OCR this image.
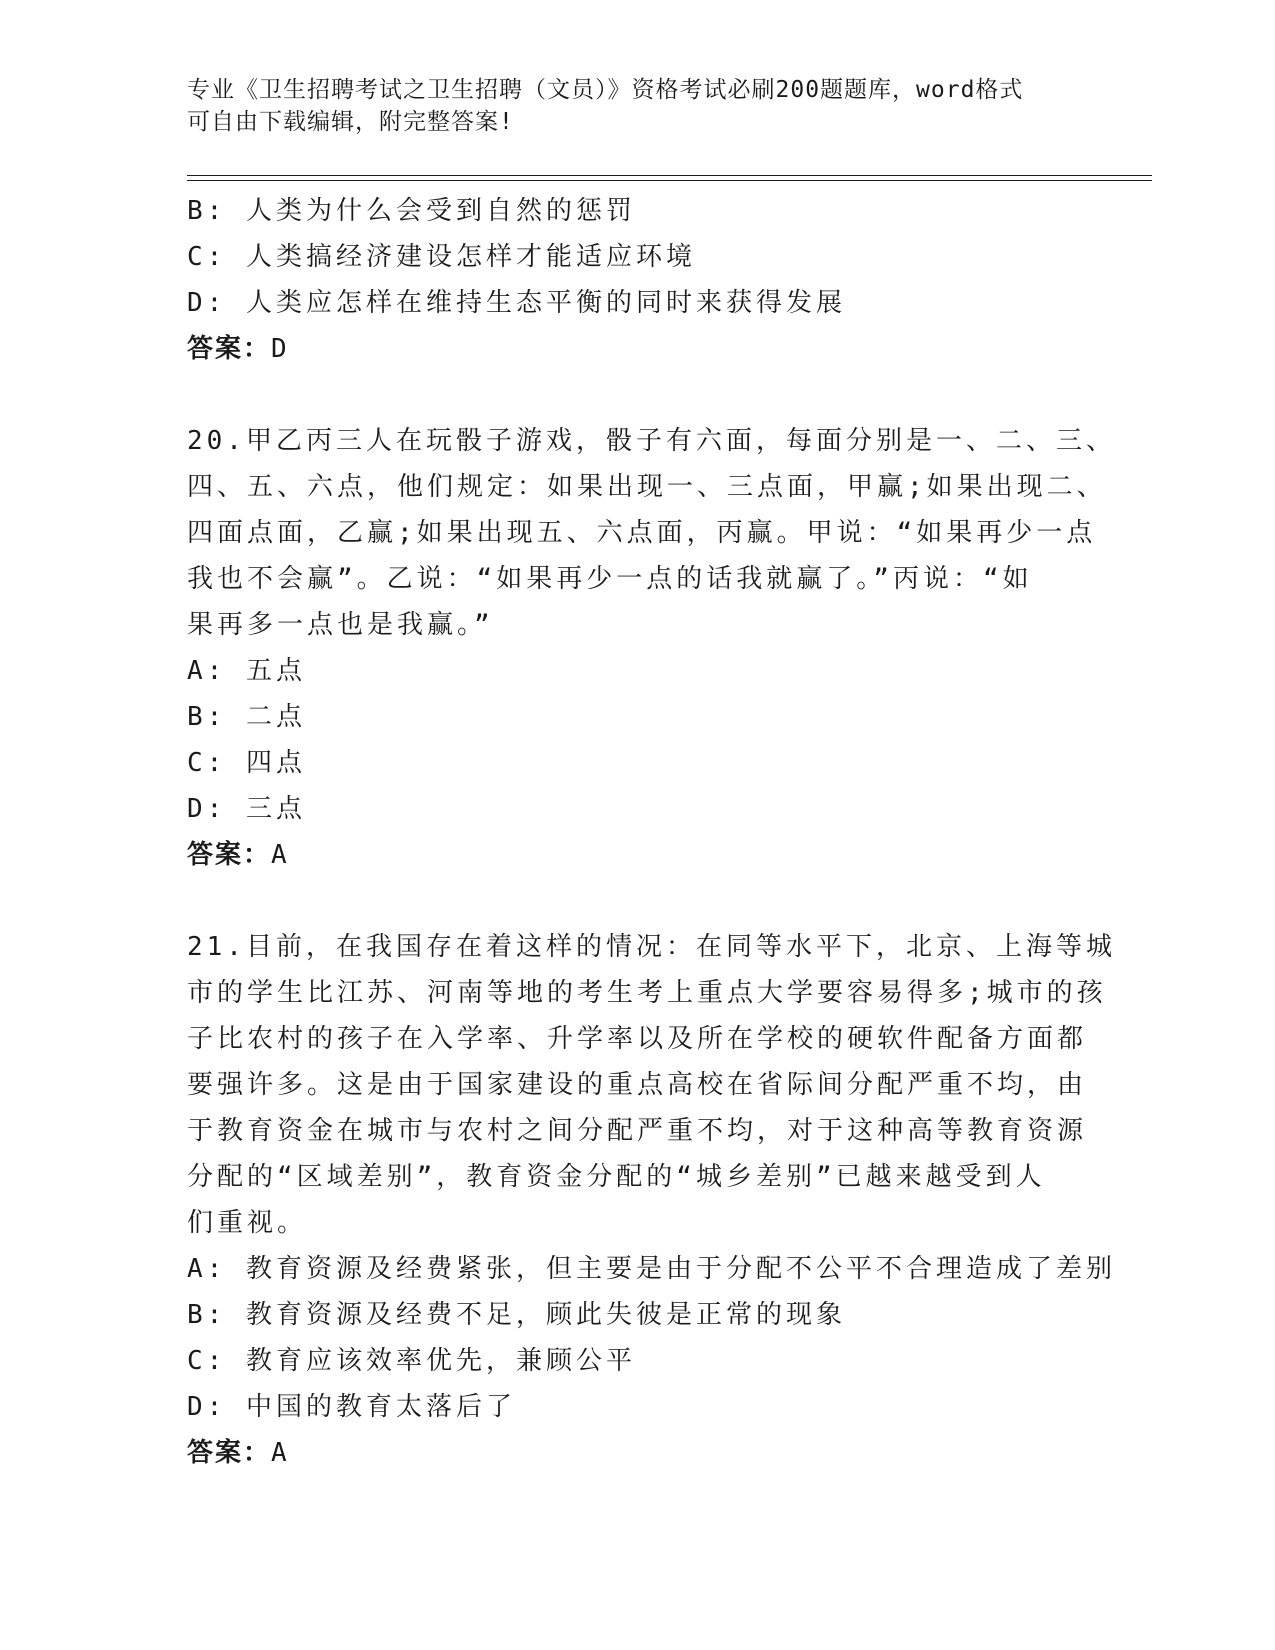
专业《卫生招聘考试之卫生招聘（文员）》资格考试必刷200题题库，word格式
可自由下载编辑，附完整答案!
B: 人类为什么会受到自然的惩罚
C: 人类搞经济建设怎样才能适应环境
D: 人类应怎样在维持生态平衡的同时来获得发展
答案：D
20.甲乙丙三人在玩骰子游戏，骰子有六面，每面分别是一、二、三、
四、五、六点，他们规定：如果出现一、三点面，甲赢;如果出现二、
四面点面，乙赢;如果出现五、六点面，丙赢。甲说：“如果再少一点
我也不会赢”。乙说：“如果再少一点的话我就赢了。”丙说：“如
果再多一点也是我赢。”
A: 五点
B: 二点
C: 四点
D: 三点
答案：A
21.目前，在我国存在着这样的情况：在同等水平下，北京、上海等城
市的学生比江苏、河南等地的考生考上重点大学要容易得多;城市的孩
子比农村的孩子在入学率、升学率以及所在学校的硬软件配备方面都
要强许多。这是由于国家建设的重点高校在省际间分配严重不均，由
于教育资金在城市与农村之间分配严重不均，对于这种高等教育资源
分配的“区域差别”，教育资金分配的“城乡差别”已越来越受到人
们重视。
A: 教育资源及经费紧张，但主要是由于分配不公平不合理造成了差别
B: 教育资源及经费不足，顾此失彼是正常的现象
C: 教育应该效率优先，兼顾公平
D: 中国的教育太落后了
答案：A
